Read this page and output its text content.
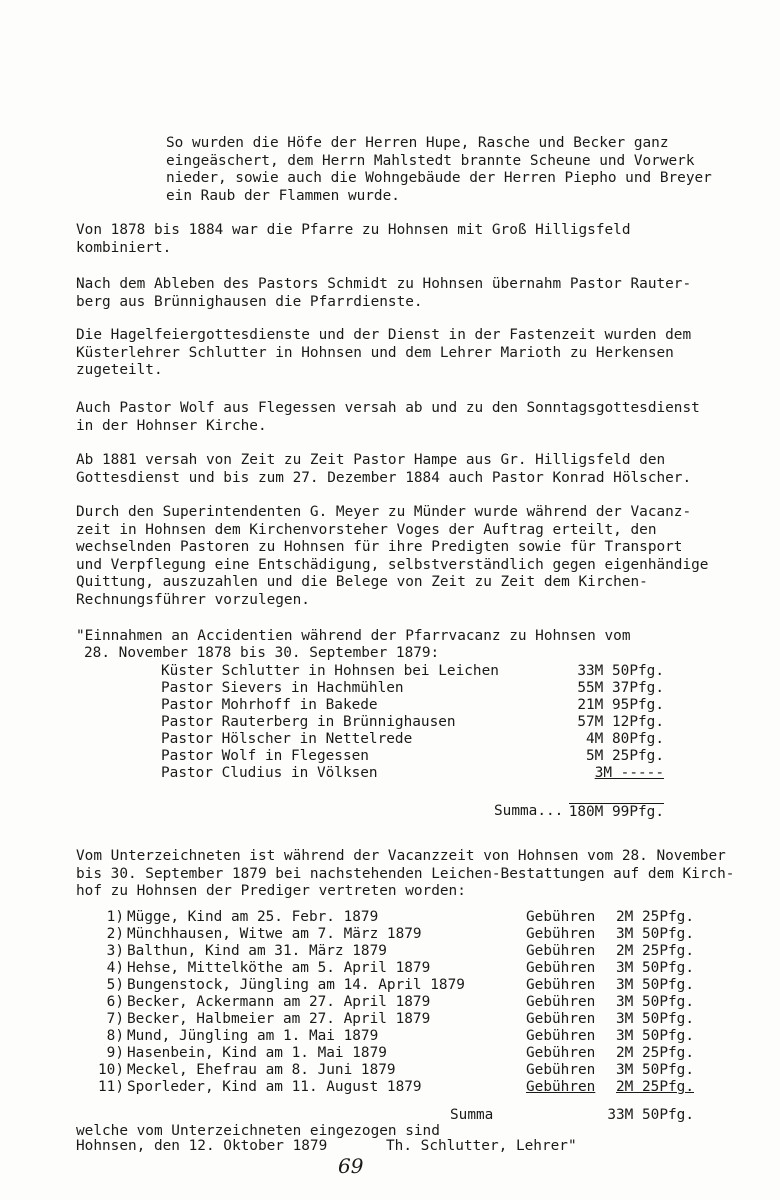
So wurden die Höfe der Herren Hupe, Rasche und Becker ganz
eingeäschert, dem Herrn Mahlstedt brannte Scheune und Vorwerk
nieder, sowie auch die Wohngebäude der Herren Piepho und Breyer
ein Raub der Flammen wurde.

Von 1878 bis 1884 war die Pfarre zu Hohnsen mit Groß Hilligsfeld
kombiniert.

Nach dem Ableben des Pastors Schmidt zu Hohnsen übernahm Pastor Rauter-
berg aus Brünnighausen die Pfarrdienste.

Die Hagelfeiergottesdienste und der Dienst in der Fastenzeit wurden dem
Küsterlehrer Schlutter in Hohnsen und dem Lehrer Marioth zu Herkensen
zugeteilt.

Auch Pastor Wolf aus Flegessen versah ab und zu den Sonntagsgottesdienst
in der Hohnser Kirche.

Ab 1881 versah von Zeit zu Zeit Pastor Hampe aus Gr. Hilligsfeld den
Gottesdienst und bis zum 27. Dezember 1884 auch Pastor Konrad Hölscher.

Durch den Superintendenten G. Meyer zu Münder wurde während der Vacanz-
zeit in Hohnsen dem Kirchenvorsteher Voges der Auftrag erteilt, den
wechselnden Pastoren zu Hohnsen für ihre Predigten sowie für Transport
und Verpflegung eine Entschädigung, selbstverständlich gegen eigenhändige
Quittung, auszuzahlen und die Belege von Zeit zu Zeit dem Kirchen-
Rechnungsführer vorzulegen.

"Einnahmen an Accidentien während der Pfarrvacanz zu Hohnsen vom

28. November 1878 bis 30. September 1879:

Küster Schlutter in Hohnsen bei Leichen	33M 50Pfg.
Pastor Sievers in Hachmühlen	55M 37Pfg.
Pastor Mohrhoff in Bakede	21M 95Pfg.
Pastor Rauterberg in Brünnighausen	57M 12Pfg.
Pastor Hölscher in Nettelrede	4M 80Pfg.
Pastor Wolf in Flegessen	5M 25Pfg.
Pastor Cludius in Völksen	3M -----
Summa... 180M 99Pfg.

Vom Unterzeichneten ist während der Vacanzzeit von Hohnsen vom 28. November
bis 30. September 1879 bei nachstehenden Leichen-Bestattungen auf dem Kirch-
hof zu Hohnsen der Prediger vertreten worden:

1) Mügge, Kind am 25. Febr. 1879	Gebühren 2M 25Pfg.
2) Münchhausen, Witwe am 7. März 1879	Gebühren 3M 50Pfg.
3) Balthun, Kind am 31. März 1879	Gebühren 2M 25Pfg.
4) Hehse, Mittelköthe am 5. April 1879	Gebühren 3M 50Pfg.
5) Bungenstock, Jüngling am 14. April 1879	Gebühren 3M 50Pfg.
6) Becker, Ackermann am 27. April 1879	Gebühren 3M 50Pfg.
7) Becker, Halbmeier am 27. April 1879	Gebühren 3M 50Pfg.
8) Mund, Jüngling am 1. Mai 1879	Gebühren 3M 50Pfg.
9) Hasenbein, Kind am 1. Mai 1879	Gebühren 2M 25Pfg.
10) Meckel, Ehefrau am 8. Juni 1879	Gebühren 3M 50Pfg.
11) Sporleder, Kind am 11. August 1879	Gebühren 2M 25Pfg.
Summa	33M 50Pfg.
welche vom Unterzeichneten eingezogen sind
Hohnsen, den 12. Oktober 1879	Th. Schlutter, Lehrer"
69
